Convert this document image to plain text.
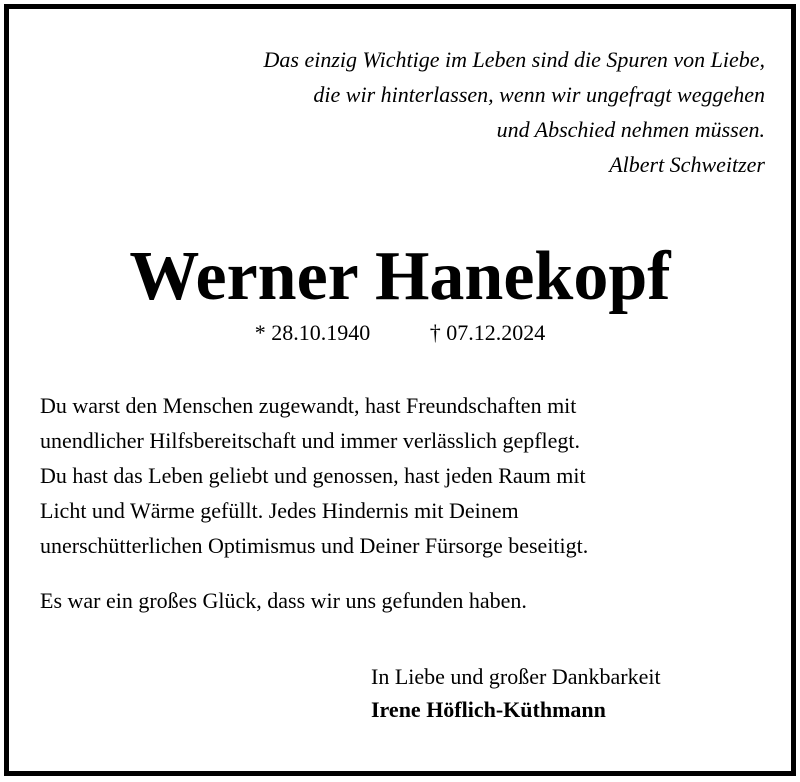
Das einzig Wichtige im Leben sind die Spuren von Liebe,
die wir hinterlassen, wenn wir ungefragt weggehen
und Abschied nehmen müssen.
Albert Schweitzer
Werner Hanekopf
* 28.10.1940	† 07.12.2024
Du warst den Menschen zugewandt, hast Freundschaften mit
unendlicher Hilfsbereitschaft und immer verlässlich gepflegt.
Du hast das Leben geliebt und genossen, hast jeden Raum mit
Licht und Wärme gefüllt. Jedes Hindernis mit Deinem
unerschütterlichen Optimismus und Deiner Fürsorge beseitigt.
Es war ein großes Glück, dass wir uns gefunden haben.
In Liebe und großer Dankbarkeit
Irene Höflich-Küthmann
